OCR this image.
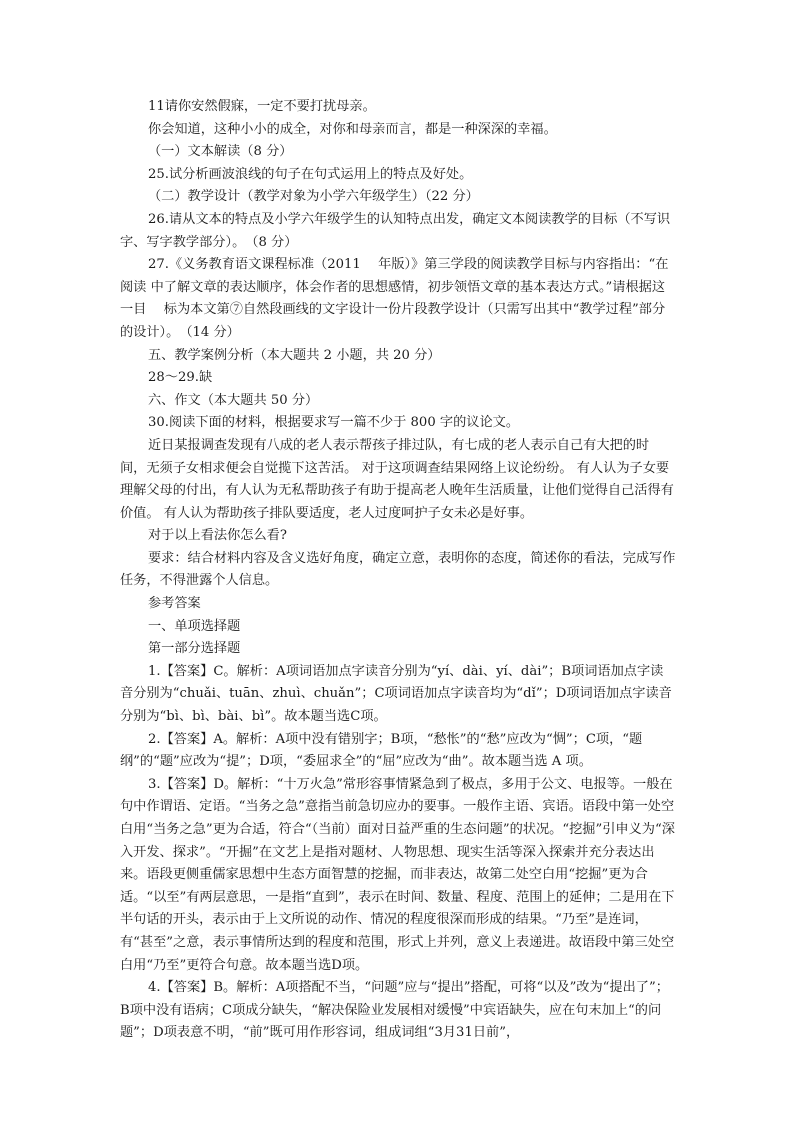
11请你安然假寐，一定不要打扰母亲。

你会知道，这种小小的成全，对你和母亲而言，都是一种深深的幸福。

（一）文本解读（8 分）

25.试分析画波浪线的句子在句式运用上的特点及好处。

（二）教学设计（教学对象为小学六年级学生）（22 分）

26.请从文本的特点及小学六年级学生的认知特点出发，确定文本阅读教学的目标（不写识 字、写字教学部分）。　（8 分）

27.《义务教育语文课程标准（2011　 年版）》第三学段的阅读教学目标与内容指出：“在阅读 中了解文章的表达顺序，体会作者的思想感情，初步领悟文章的基本表达方式。”请根据这一目　 标为本文第⑦自然段画线的文字设计一份片段教学设计（只需写出其中“教学过程”部分的设计）。　（14 分）

五、教学案例分析（本大题共 2 小题，共 20 分）

28～29.缺

六、作文（本大题共 50 分）

30.阅读下面的材料，根据要求写一篇不少于 800 字的议论文。

近日某报调查发现有八成的老人表示帮孩子排过队，有七成的老人表示自己有大把的时 间，无须子女相求便会自觉揽下这苦活。 对于这项调查结果网络上议论纷纷。 有人认为子女要 理解父母的付出，有人认为无私帮助孩子有助于提高老人晚年生活质量，让他们觉得自己活得有价值。 有人认为帮助孩子排队要适度，老人过度呵护子女未必是好事。

对于以上看法你怎么看?

要求：结合材料内容及含义选好角度，确定立意，表明你的态度，简述你的看法，完成写作 任务，不得泄露个人信息。

参考答案

一、单项选择题

第一部分选择题

1.【答案】C。解析：A项词语加点字读音分别为“yí、dài、yí、dài”；B项词语加点字读音分别为“chuǎi、tuān、zhuì、chuǎn”；C项词语加点字读音均为“dǐ”；D项词语加点字读音分别为“bì、bì、bài、bì”。故本题当选C项。

2.【答案】A。解析：A项中没有错别字；B项，“愁怅”的“愁”应改为“惆”；C项，“题纲”的“题”应改为“提”；D项，“委屈求全”的“屈”应改为“曲”。故本题当选 A 项。

3.【答案】D。解析：“十万火急”常形容事情紧急到了极点，多用于公文、电报等。一般在句中作谓语、定语。“当务之急”意指当前急切应办的要事。一般作主语、宾语。语段中第一处空白用“当务之急”更为合适，符合“（当前）面对日益严重的生态问题”的状况。“挖掘”引申义为“深入开发、探求”。“开掘”在文艺上是指对题材、人物思想、现实生活等深入探索并充分表达出来。语段更侧重儒家思想中生态方面智慧的挖掘，而非表达，故第二处空白用“挖掘”更为合适。“以至”有两层意思，一是指“直到”，表示在时间、数量、程度、范围上的延伸；二是用在下半句话的开头，表示由于上文所说的动作、情况的程度很深而形成的结果。“乃至”是连词，有“甚至”之意，表示事情所达到的程度和范围，形式上并列，意义上表递进。故语段中第三处空白用“乃至”更符合句意。故本题当选D项。

4.【答案】B。解析：A项搭配不当，“问题”应与“提出”搭配，可将“以及”改为“提出了”；B项中没有语病；C项成分缺失，“解决保险业发展相对缓慢”中宾语缺失，应在句末加上“的问题”；D项表意不明，“前”既可用作形容词，组成词组“3月31日前”，
